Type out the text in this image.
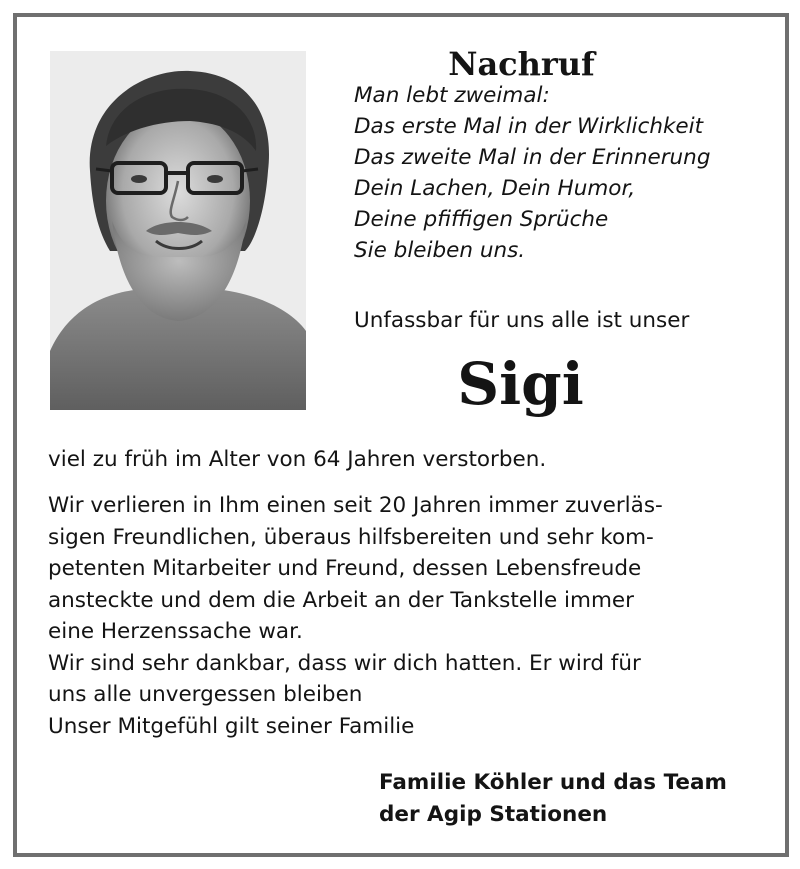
Nachruf
Man lebt zweimal:
Das erste Mal in der Wirklichkeit
Das zweite Mal in der Erinnerung
Dein Lachen, Dein Humor,
Deine pfiffigen Sprüche
Sie bleiben uns.
Unfassbar für uns alle ist unser
Sigi
viel zu früh im Alter von 64 Jahren verstorben.
Wir verlieren in Ihm einen seit 20 Jahren immer zuverläs-
sigen Freundlichen, überaus hilfsbereiten und sehr kom-
petenten Mitarbeiter und Freund, dessen Lebensfreude
ansteckte und dem die Arbeit an der Tankstelle immer
eine Herzenssache war.
Wir sind sehr dankbar, dass wir dich hatten. Er wird für
uns alle unvergessen bleiben
Unser Mitgefühl gilt seiner Familie
Familie Köhler und das Team
der Agip Stationen
